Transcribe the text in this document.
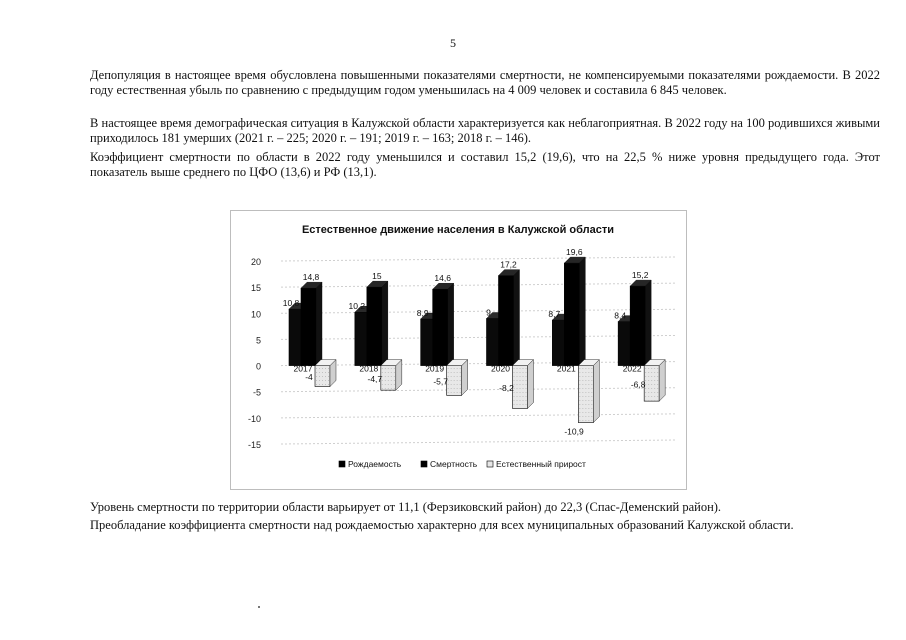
5

Депопуляция в настоящее время обусловлена повышенными показателями смертности, не компенсируемыми показателями рождаемости. В 2022 году естественная убыль по сравнению с предыдущим годом уменьшилась на 4 009 человек и составила 6 845 человек.

В настоящее время демографическая ситуация в Калужской области характеризуется как неблагоприятная. В 2022 году на 100 родившихся живыми приходилось 181 умерших (2021 г. – 225; 2020 г. – 191; 2019 г. – 163; 2018 г. – 146).

Коэффициент смертности по области в 2022 году уменьшился и составил 15,2 (19,6), что на 22,5 % ниже уровня предыдущего года. Этот показатель выше среднего по ЦФО (13,6) и РФ (13,1).

Естественное движение населения в Калужской области
20
15
10
5
0
-5
-10
-15
2017
10,8
14,8
-4
2018
10,2
15
-4,7
2019
8,9
14,6
-5,7
2020
9
17,2
-8,2
2021
8,7
19,6
-10,9
2022
8,4
15,2
-6,8
Рождаемость	Смертность Естественный прирост

Уровень смертности по территории области варьирует от 11,1 (Ферзиковский район) до 22,3 (Спас-Деменский район).

Преобладание коэффициента смертности над рождаемостью характерно для всех муниципальных образований Калужской области.
